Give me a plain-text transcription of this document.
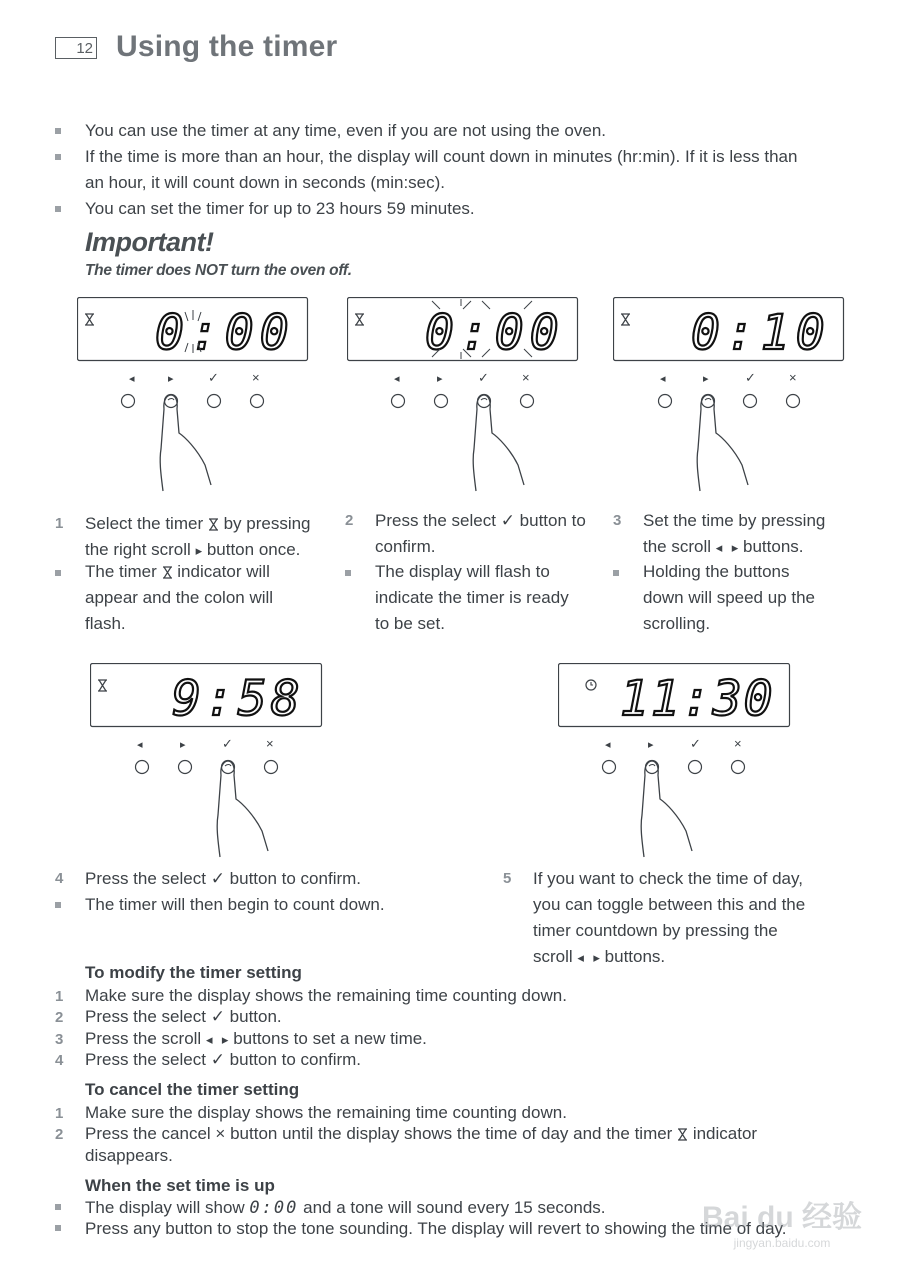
12 Using the timer
You can use the timer at any time, even if you are not using the oven.
If the time is more than an hour, the display will count down in minutes (hr:min). If it is less than
an hour, it will count down in seconds (min:sec).
You can set the timer for up to 23 hours 59 minutes.
Important!
The timer does NOT turn the oven off.
0:00
◂	▸	✓	×
0:00
◂	▸	✓	×
0:10
◂	▸	✓	×
1 Select the timer by pressing
the right scroll ▸ button once.
The timer indicator will
appear and the colon will
flash.
2 Press the select ✓ button to
confirm.
The display will flash to
indicate the timer is ready
to be set.
3 Set the time by pressing
the scroll ◂ ▸ buttons.
Holding the buttons
down will speed up the
scrolling.
9:58
◂	▸	✓	×
11:30
◂	▸	✓	×
4 Press the select ✓ button to confirm.
The timer will then begin to count down.
5 If you want to check the time of day,
you can toggle between this and the
timer countdown by pressing the
scroll ◂ ▸ buttons.
To modify the timer setting
1 Make sure the display shows the remaining time counting down.
2 Press the select ✓ button.
3 Press the scroll ◂ ▸ buttons to set a new time.
4 Press the select ✓ button to confirm.
To cancel the timer setting
1 Make sure the display shows the remaining time counting down.
2 Press the cancel × button until the display shows the time of day and the timer indicator
disappears.
When the set time is up
The display will show 0:00 and a tone will sound every 15 seconds.
Press any button to stop the tone sounding. The display will revert to showing the time of day.
Bai du 经验
jingyan.baidu.com
